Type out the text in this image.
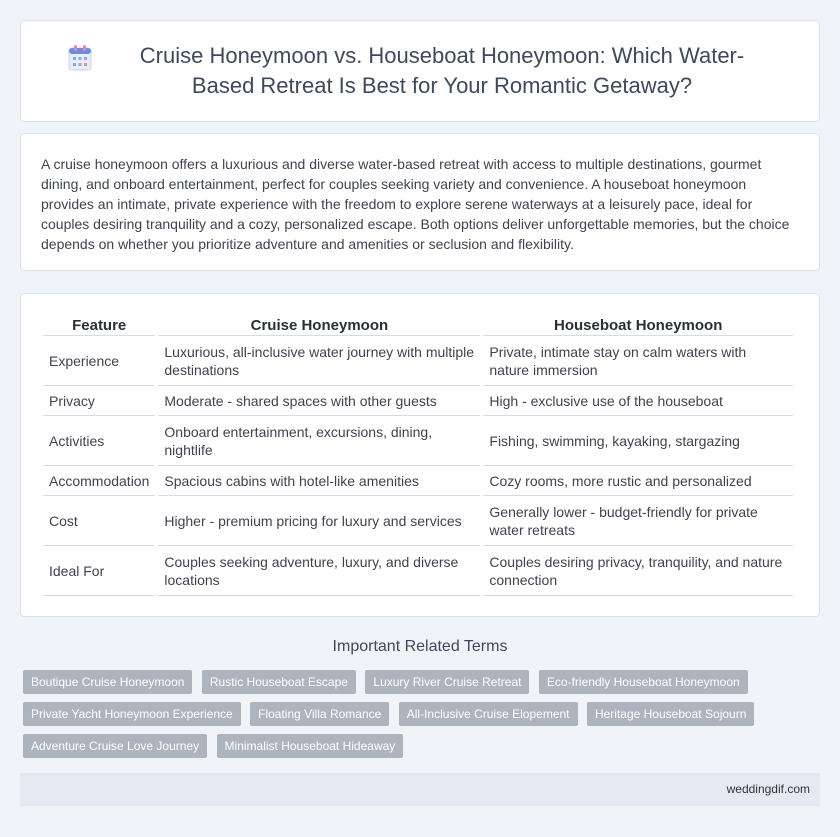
Cruise Honeymoon vs. Houseboat Honeymoon: Which Water-Based Retreat Is Best for Your Romantic Getaway?

A cruise honeymoon offers a luxurious and diverse water-based retreat with access to multiple destinations, gourmet dining, and onboard entertainment, perfect for couples seeking variety and convenience. A houseboat honeymoon provides an intimate, private experience with the freedom to explore serene waterways at a leisurely pace, ideal for couples desiring tranquility and a cozy, personalized escape. Both options deliver unforgettable memories, but the choice depends on whether you prioritize adventure and amenities or seclusion and flexibility.

Feature	Cruise Honeymoon	Houseboat Honeymoon
Experience	Luxurious, all-inclusive water journey with multiple destinations	Private, intimate stay on calm waters with nature immersion
Privacy	Moderate - shared spaces with other guests	High - exclusive use of the houseboat
Activities	Onboard entertainment, excursions, dining, nightlife	Fishing, swimming, kayaking, stargazing
Accommodation	Spacious cabins with hotel-like amenities	Cozy rooms, more rustic and personalized
Cost	Higher - premium pricing for luxury and services	Generally lower - budget-friendly for private water retreats
Ideal For	Couples seeking adventure, luxury, and diverse locations	Couples desiring privacy, tranquility, and nature connection
Important Related Terms
Boutique Cruise Honeymoon Rustic Houseboat Escape Luxury River Cruise Retreat Eco-friendly Houseboat Honeymoon Private Yacht Honeymoon Experience Floating Villa Romance All-Inclusive Cruise Elopement Heritage Houseboat Sojourn Adventure Cruise Love Journey Minimalist Houseboat Hideaway
weddingdif.com
